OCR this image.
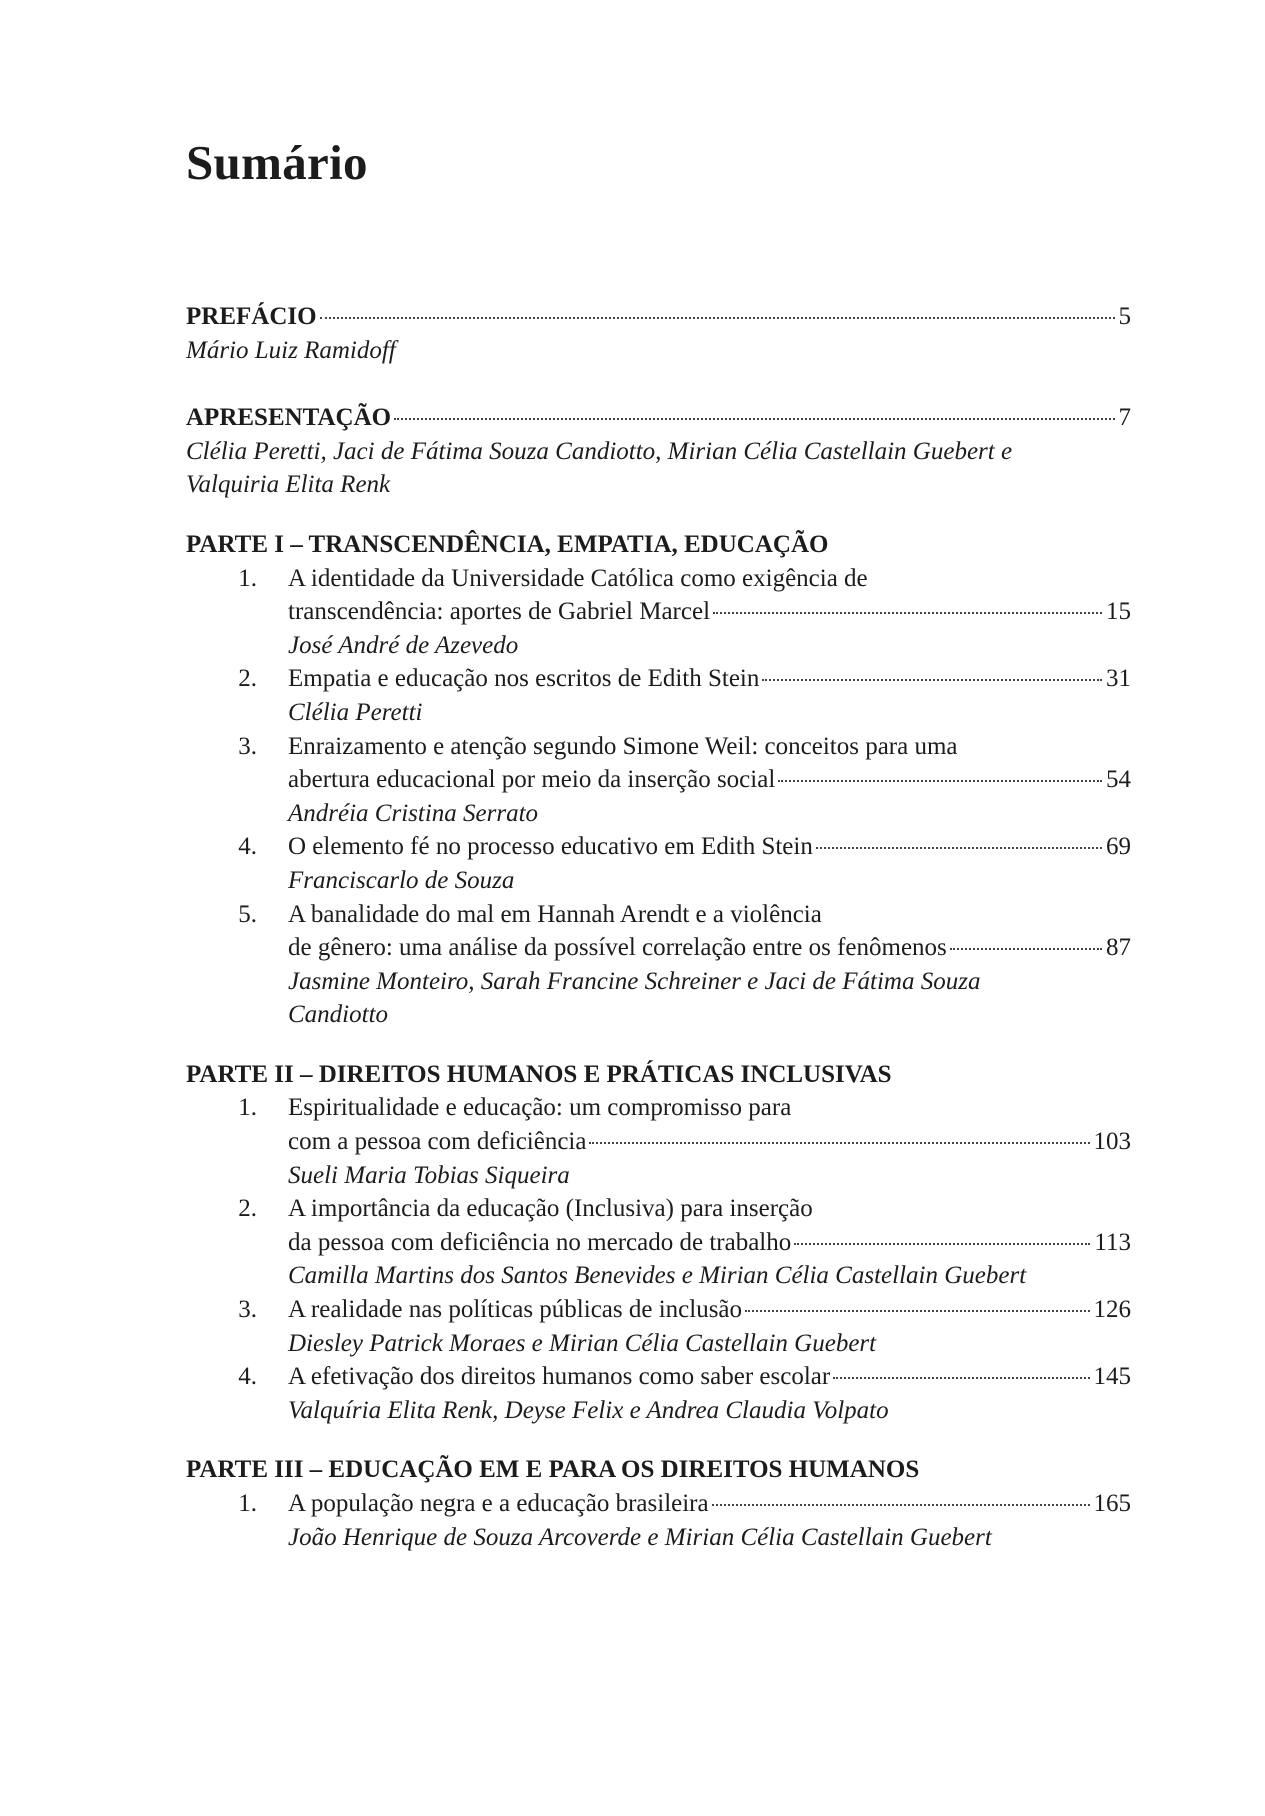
Sumário
PREFÁCIO	5
Mário Luiz Ramidoff
APRESENTAÇÃO	7
Clélia Peretti, Jaci de Fátima Souza Candiotto, Mirian Célia Castellain Guebert e
Valquiria Elita Renk
PARTE I – TRANSCENDÊNCIA, EMPATIA, EDUCAÇÃO
1.	A identidade da Universidade Católica como exigência de
transcendência: aportes de Gabriel Marcel	15
José André de Azevedo
2.	Empatia e educação nos escritos de Edith Stein	31
Clélia Peretti
3.	Enraizamento e atenção segundo Simone Weil: conceitos para uma
abertura educacional por meio da inserção social	54
Andréia Cristina Serrato
4.	O elemento fé no processo educativo em Edith Stein	69
Franciscarlo de Souza
5.	A banalidade do mal em Hannah Arendt e a violência
de gênero: uma análise da possível correlação entre os fenômenos	87
Jasmine Monteiro, Sarah Francine Schreiner e Jaci de Fátima Souza
Candiotto
PARTE II – DIREITOS HUMANOS E PRÁTICAS INCLUSIVAS
1.	Espiritualidade e educação: um compromisso para
com a pessoa com deficiência	103
Sueli Maria Tobias Siqueira
2.	A importância da educação (Inclusiva) para inserção
da pessoa com deficiência no mercado de trabalho	113
Camilla Martins dos Santos Benevides e Mirian Célia Castellain Guebert
3.	A realidade nas políticas públicas de inclusão	126
Diesley Patrick Moraes e Mirian Célia Castellain Guebert
4.	A efetivação dos direitos humanos como saber escolar	145
Valquíria Elita Renk, Deyse Felix e Andrea Claudia Volpato
PARTE III – EDUCAÇÃO EM E PARA OS DIREITOS HUMANOS
1.	A população negra e a educação brasileira	165
João Henrique de Souza Arcoverde e Mirian Célia Castellain Guebert
